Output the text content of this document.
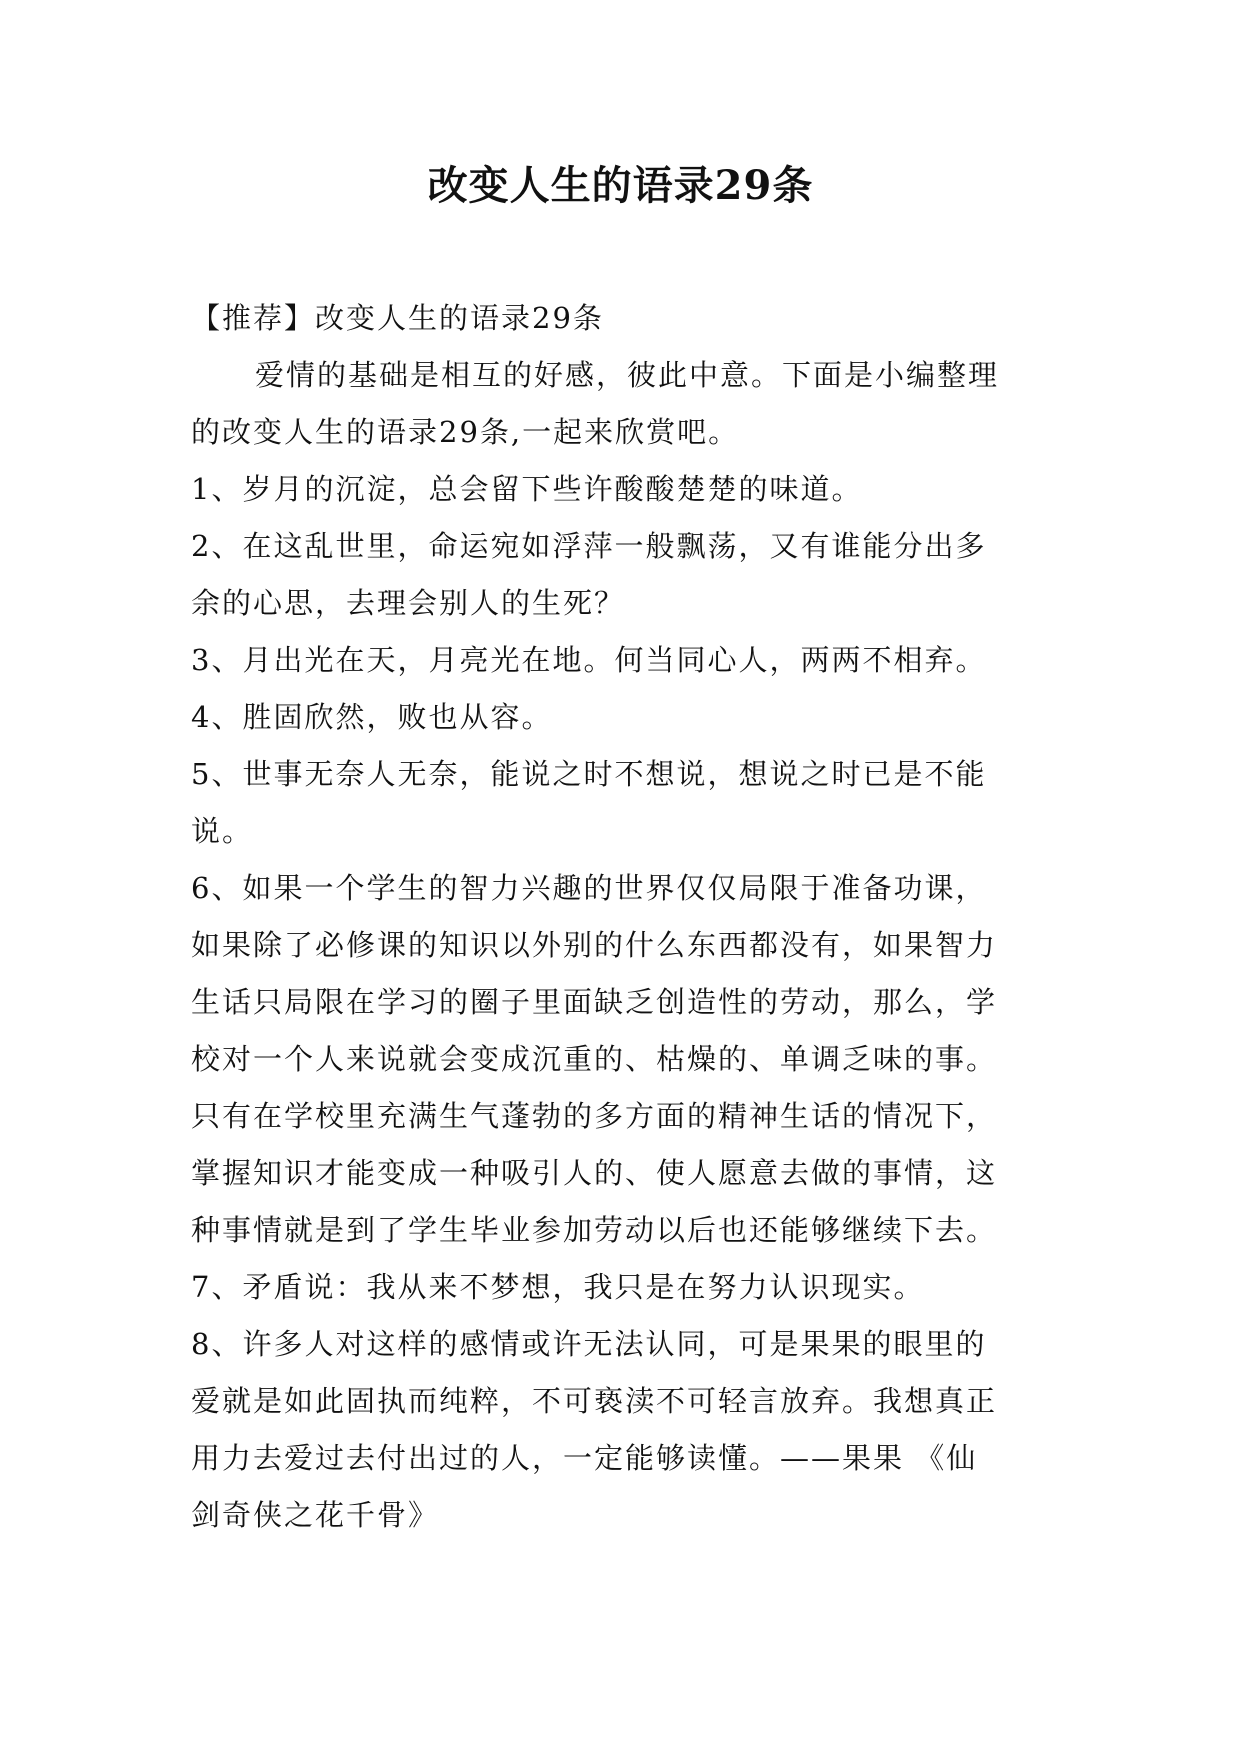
改变人生的语录29条

【推荐】改变人生的语录29条

爱情的基础是相互的好感，彼此中意。下面是小编整理

的改变人生的语录29条,一起来欣赏吧。

1、岁月的沉淀，总会留下些许酸酸楚楚的味道。

2、在这乱世里，命运宛如浮萍一般飘荡，又有谁能分出多

余的心思，去理会别人的生死？

3、月出光在天，月亮光在地。何当同心人，两两不相弃。

4、胜固欣然，败也从容。

5、世事无奈人无奈，能说之时不想说，想说之时已是不能

说。

6、如果一个学生的智力兴趣的世界仅仅局限于准备功课，

如果除了必修课的知识以外别的什么东西都没有，如果智力

生话只局限在学习的圈子里面缺乏创造性的劳动，那么，学

校对一个人来说就会变成沉重的、枯燥的、单调乏味的事。

只有在学校里充满生气蓬勃的多方面的精神生话的情况下，

掌握知识才能变成一种吸引人的、使人愿意去做的事情，这

种事情就是到了学生毕业参加劳动以后也还能够继续下去。

7、矛盾说：我从来不梦想，我只是在努力认识现实。

8、许多人对这样的感情或许无法认同，可是果果的眼里的

爱就是如此固执而纯粹，不可亵渎不可轻言放弃。我想真正

用力去爱过去付出过的人，一定能够读懂。——果果 《仙

剑奇侠之花千骨》
